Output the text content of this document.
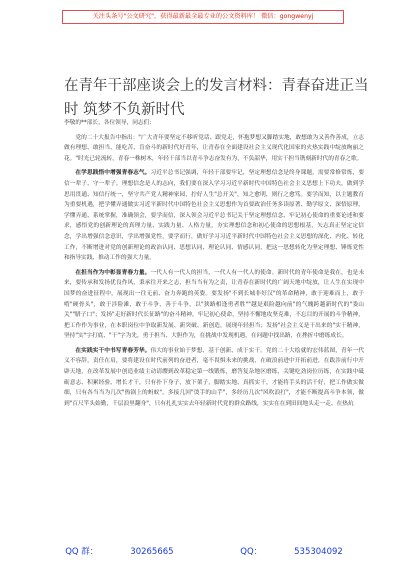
关注头条号"公文研究"，获得最新最全最专业的公文资料库！ 微信：gongwenyj
在青年干部座谈会上的发言材料：青春奋进正当时 筑梦不负新时代

李敬的**部长，各位领导，同志们：

党的二十大报告中指出："广大青年要坚定不移听党话、跟党走，怀抱梦想又脚踏实地，敢想敢为又善作善成，立志做有理想、敢担当、能吃苦、肯奋斗的新时代好青年，让青春在全面建设社会主义现代化国家的火热实践中绽放绚丽之花。"时光已轮流转，青春一株树木，年轻干部当以青斗争志奋发有为，不负韶华，用实干担当镌刻新时代的青春之歌。

在学思践悟中增强青春志气。习近平总书记强调，年轻干部要牢记，坚定理想信念是终身课题，需要常修常炼，要信一辈子、守一辈子。理想信念是人的志向，我们要在深入学习习近平新时代中国特色社会主义思想上下功夫，做到学思用贯通、知信行统一，坚守共产党人精神家园，拧好人生"总开关"，知之愈明，则行之愈笃。要学而知，以主题教育为重要机遇，把学懂弄通做实习近平新时代中国特色社会主义思想作为首要政治任务多读原著、勤学原文、深悟原理，学懂弄通、系统掌握，准确领会，要学而信，深入领会习近平总书记关于坚定理想信念、牢记初心使命的重要论述和要求，感悟党的创新理论的真理力量、实践力量、人格力量，夯实理想信念和初心使命的思想根基，矢志真正坚定定信念，学出增强信念意识，学出增强党性，要学而行，做好学习习近平新时代中国特色社会主义思想的深化、内化、转化工作，不断增进对党的创新理论的政治认同、思想认同、理论认同、情感认同，把这一思想转化为坚定理想、锤炼党性和指导实践、推动工作的强大力量。

在担当作为中彰显青春力量。一代人有一代人的担当，一代人有一代人的使命。新时代的青年使命是我在，也是未来，要传承和发扬优良作风，秉承往开来之志，担当当有为之责，让青春在新时代的广阔天地中绽放，让人生在实现中国梦的奋进征程中，展现出一往无前、奋力奔跑的英姿。要发扬"不到长城非好汉"的革命精神，敢于迎难而上，敢于啃"硬骨头"，敢于涉险滩，敢于斗争、善于斗争，以"狭路相逢勇者胜""越是艰险越向前"的气魄跨越新时代的"娄山关""腊子口"；发扬"走好新时代长征路"的奋斗精神，牢记初心使命，坚持不懈地攻坚克难，不忘目的开展的斗争精神，把工作作为事业，在本职岗位中争取新发展、新突破、新创造，展现年轻担当；发扬"社会主义是干出来的"实干精神，坚持"实"字打底、"干"字为先，勇于担当、大胆作为，在挑战中发现机遇，在问题中找出路，在挫折中磨练成长。

在实践实干中书写青春芳华。伟大的事业始于梦想、基于创新、成于实干。党的二十大绘就的宏伟蓝图，青年一代义不容辞，责任在肩，要将建设在时代前列的奋进者，毫不畏惧未来的挑战，在破浪前进中开拓前进，在跋涉前行中开辟天地，在改革发展中创造业绩主动请缨到改革稳定第一线锻炼，磨答复杂地区磨练，关键吃劲岗位历练，在实践中砥砺意志、积累经验、增长才干，只有扑下身子，放下架子，脚踏实地、真抓实干，才能将手头的活干好，把工作做实做细，只有各当当为几次"热锅上的蚂蚁"，多接几回"烫手的山芋"，多经历几次"风吹浪打"，才能不断提高斗争本领，做到"百尺竿头始勤，千层浪里翻身"，只有扎扎实实去年轻新时代党的群众路线，实实在在到田间地头走一走、在热炕

QQ 群：	30265665	QQ：	535304092
